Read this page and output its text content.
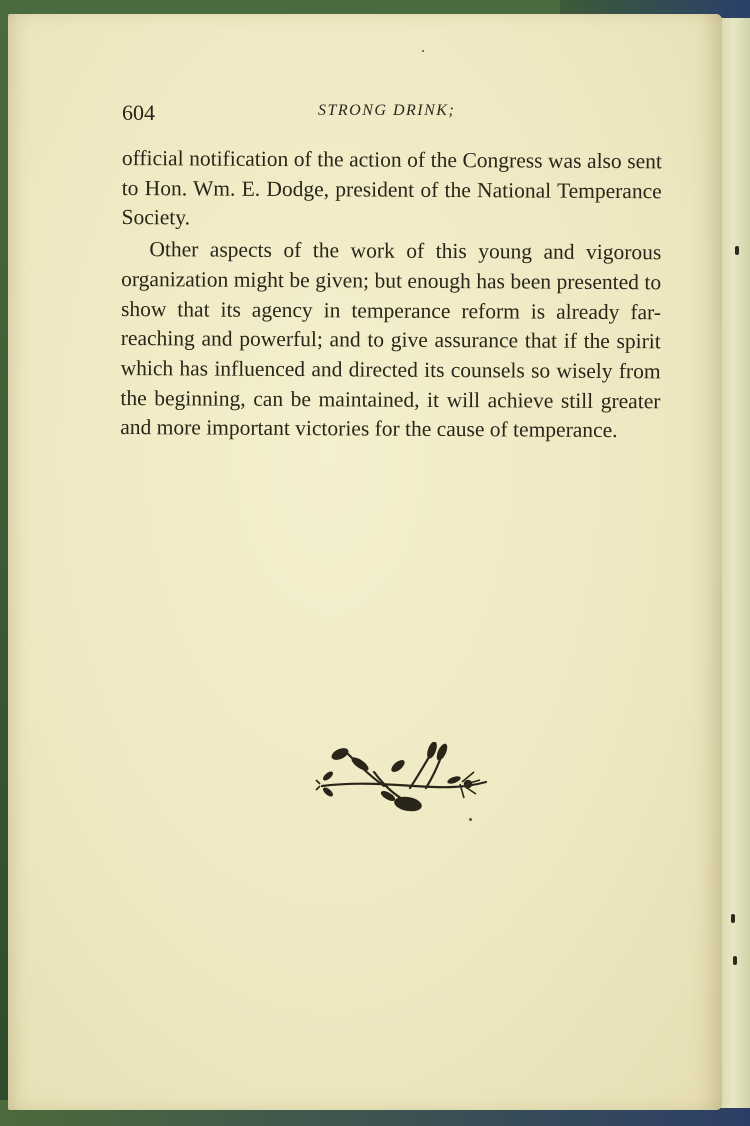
604	STRONG DRINK;

official notification of the action of the Congress was also sent to Hon. Wm. E. Dodge, president of the National Temperance Society.

Other aspects of the work of this young and vigorous organization might be given; but enough has been presented to show that its agency in temperance reform is already far-reaching and powerful; and to give assurance that if the spirit which has influenced and directed its counsels so wisely from the beginning, can be maintained, it will achieve still greater and more important victories for the cause of temperance.
